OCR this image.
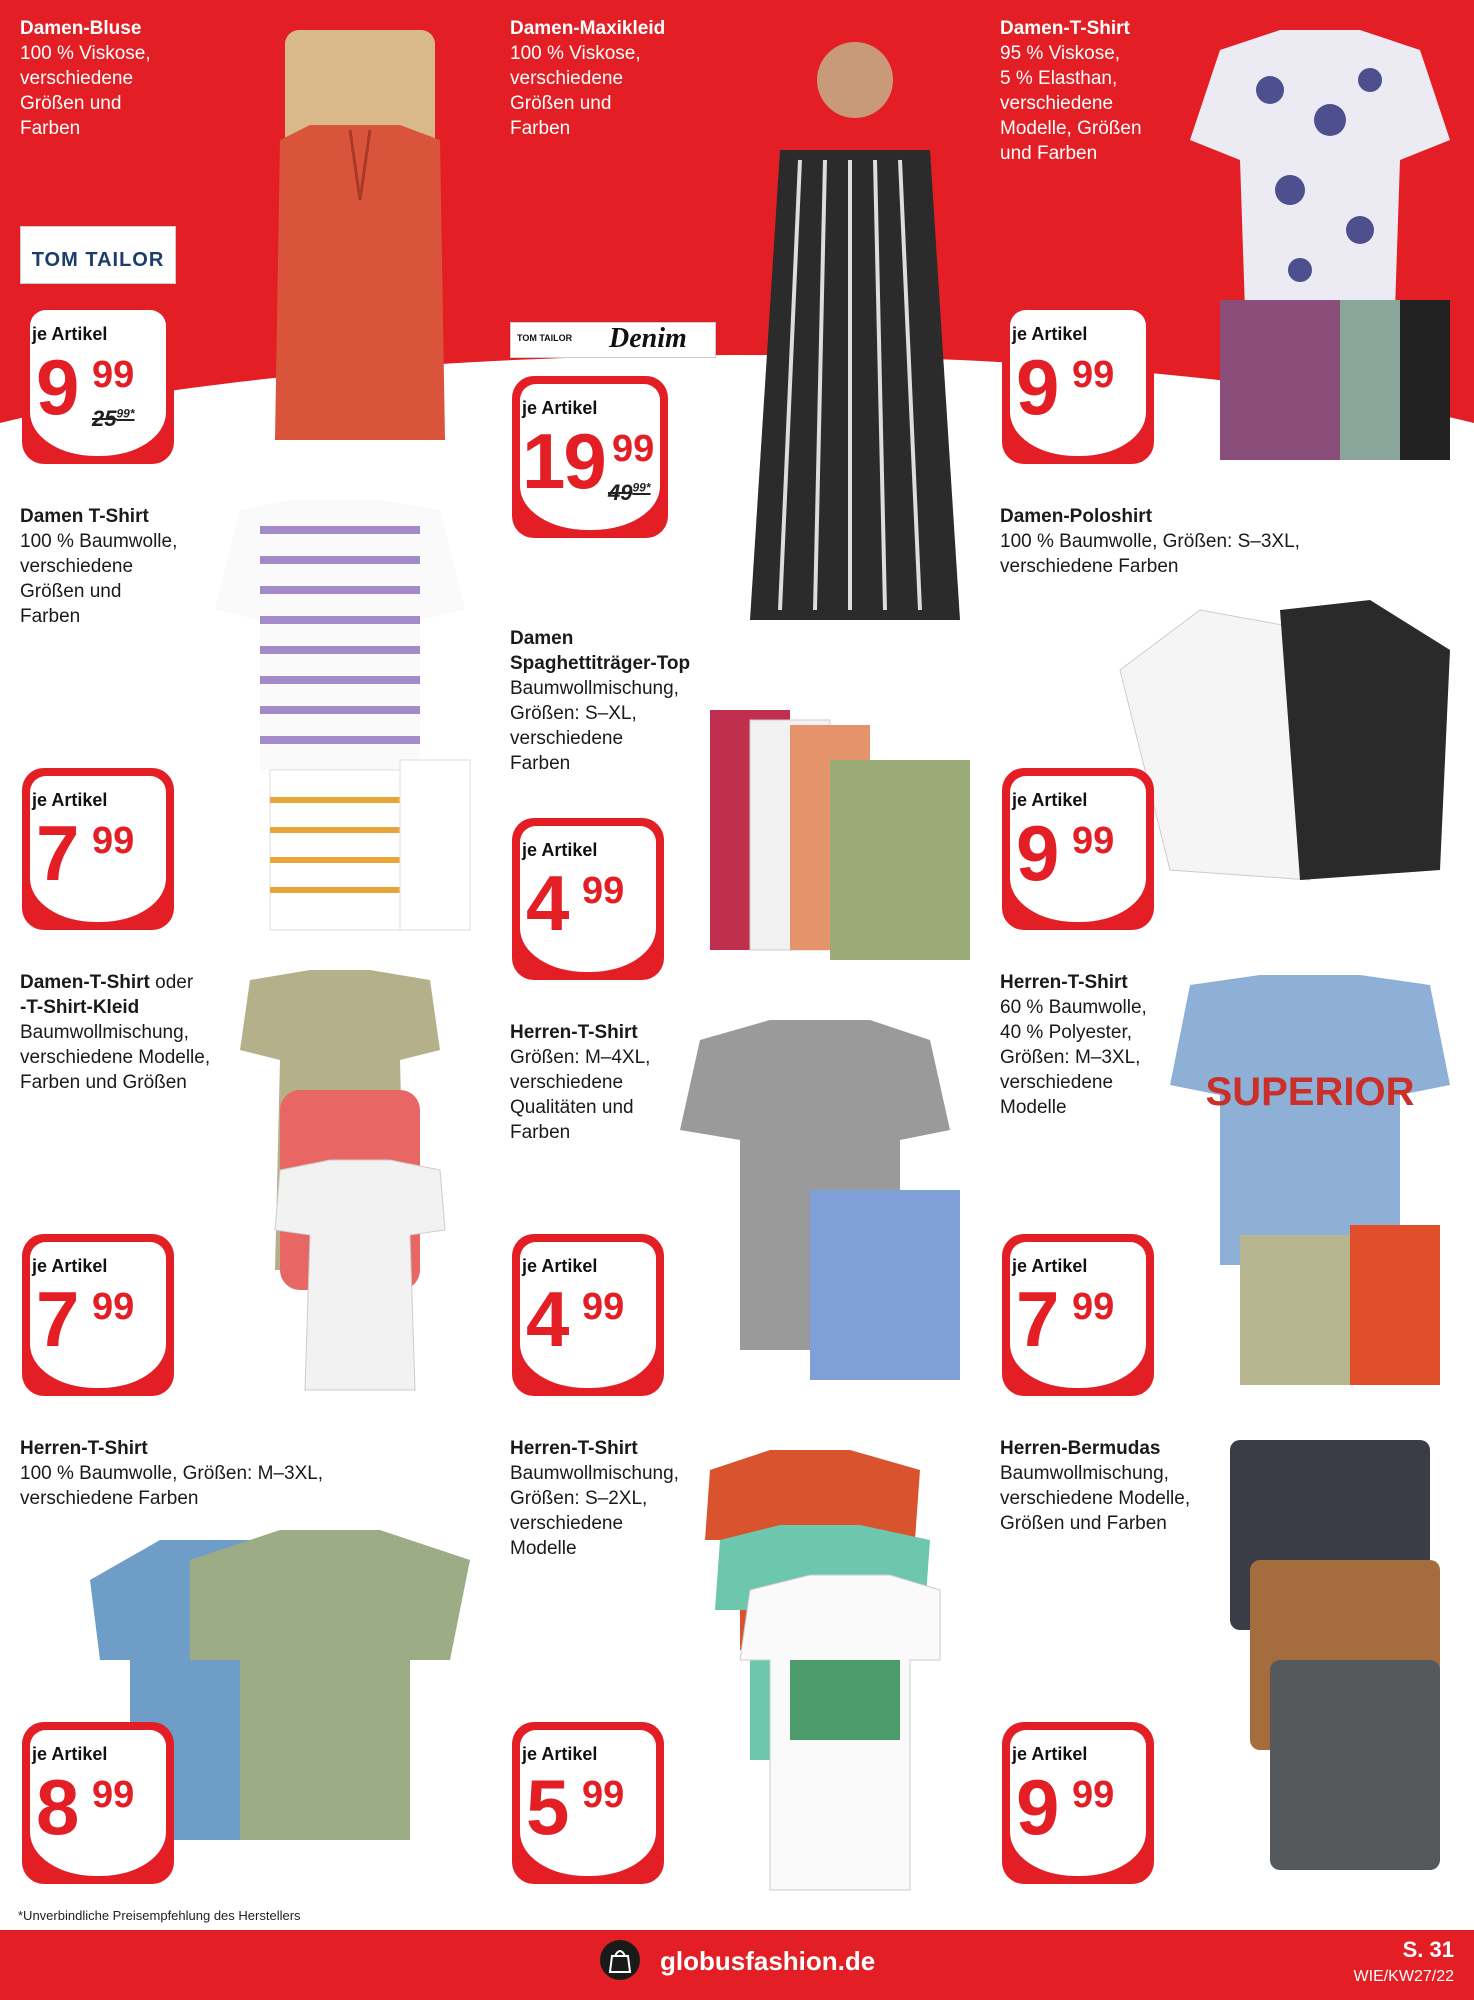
SUPERIOR
TOM TAILOR
TOM TAILOR Denim
Damen-Bluse
100 % Viskose,
verschiedene
Größen und
Farben
Damen-Maxikleid
100 % Viskose,
verschiedene
Größen und
Farben
Damen-T-Shirt
95 % Viskose,
5 % Elasthan,
verschiedene
Modelle, Größen
und Farben
Damen T-Shirt
100 % Baumwolle,
verschiedene
Größen und
Farben
Damen
Spaghettiträger-Top
Baumwollmischung,
Größen: S–XL,
verschiedene
Farben
Damen-Poloshirt
100 % Baumwolle, Größen: S–3XL,
verschiedene Farben
Damen-T-Shirt oder
-T-Shirt-Kleid
Baumwollmischung,
verschiedene Modelle,
Farben und Größen
Herren-T-Shirt
Größen: M–4XL,
verschiedene
Qualitäten und
Farben
Herren-T-Shirt
60 % Baumwolle,
40 % Polyester,
Größen: M–3XL,
verschiedene
Modelle
Herren-T-Shirt
100 % Baumwolle, Größen: M–3XL,
verschiedene Farben
Herren-T-Shirt
Baumwollmischung,
Größen: S–2XL,
verschiedene
Modelle
Herren-Bermudas
Baumwollmischung,
verschiedene Modelle,
Größen und Farben
je Artikel
9 99
$25^{99*}$	je Artikel
19 99
$49^{99*}$
je Artikel
9 99
je Artikel
7 99	je Artikel
4 99
je Artikel
9 99
je Artikel
7 99
je Artikel
4 99
je Artikel
7 99
je Artikel
8 99
je Artikel
5 99
je Artikel
9 99
*Unverbindliche Preisempfehlung des Herstellers
globusfashion.de	S. 31
WIE/KW27/22
